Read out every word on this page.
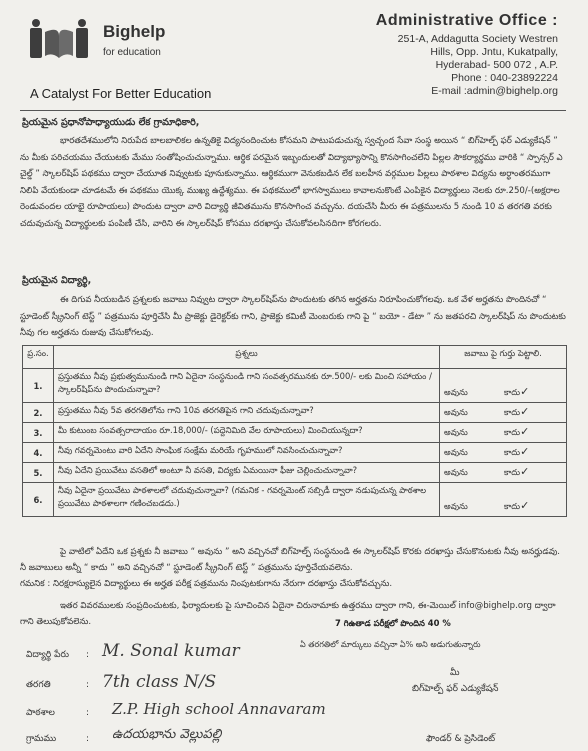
Bighelp
for education
A Catalyst For Better Education
Administrative Office :
251-A, Addagutta Society Westren
Hills, Opp. Jntu, Kukatpally,
Hyderabad- 500 072 , A.P.
Phone : 040-23892224
E-mail :admin@bighelp.org
ప్రియమైన ప్రధానోపాధ్యాయుడు లేక గ్రామాధికారి,
భారతదేశములోని నిరుపేద బాలబాలికల ఉన్నతికై విద్యనందించుట కోసమని పాటుపడుచున్న స్వచ్ఛంద సేవా సంస్థ అయిన “ బిగ్‌హెల్ప్ ఫర్ ఎడ్యుకేషన్ ” ను మీకు పరిచయము చేయుటకు మేము సంతోషించుచున్నాము. ఆర్థిక పరమైన ఇబ్బందులతో విద్యాభ్యాసాన్ని కొనసాగించలేని పిల్లల సౌకర్యార్థము వారికి “ స్పాన్సర్ ఎ చైల్డ్ ” స్కాలర్‌షిప్ పథకము ద్వారా చేయూత నివ్వుటకు పూనుకున్నాము. ఆర్థికముగా వెనుకబడిన లేక బలహీన వర్గముల పిల్లలు పాఠశాల విద్యను అర్ధాంతరముగా నిలిపి వేయకుండా చూడటమే ఈ పథకము యొక్క ముఖ్య ఉద్దేశ్యము. ఈ పథకములో భాగస్వాములు కావాలనుకొంటే ఎంపికైన విద్యార్థులు నెలకు రూ.250/-(అక్షరాల రెండువందల యాభై రూపాయలు) పొందుట ద్వారా వారి విద్యార్థి జీవితమును కొనసాగించ వచ్చును. దయచేసి మీరు ఈ పత్రములను 5 నుండి 10 వ తరగతి వరకు చదువుచున్న విద్యార్థులకు పంపిణీ చేసి, వారిని ఈ స్కాలర్‌షిప్ కోసము దరఖాస్తు చేసుకోవలసినదిగా కోరగలరు.
ప్రియమైన విద్యార్థి,
ఈ దిగువ నీయబడిన ప్రశ్నలకు జవాబు నివ్వుట ద్వారా స్కాలర్‌షిప్‌ను పొందుటకు తగిన అర్హతను నిరూపించుకోగలవు. ఒక వేళ అర్హతను పొందినచో “ స్టూడెంట్ స్క్రీనింగ్ టెస్ట్ ” పత్రమును పూర్తిచేసి మీ ప్రాజెక్టు డైరెక్టర్‌కు గాని, ప్రాజెక్టు కమిటీ మెంబరుకు గాని పై “ బయో - డేటా ” ను జతపరచి స్కాలర్‌షిప్ ను పొందుటకు నీవు గల అర్హతను రుజువు చేసుకోగలవు.
ప్ర.సం.	ప్రశ్నలు	జవాబు పై గుర్తు పెట్టాలి.
1.	ప్రస్తుతము నీవు ప్రభుత్వమునుండి గాని ఏదైనా సంస్థనుండి గాని సంవత్సరమునకు రూ.500/- లకు మించి సహాయం / స్కాలర్‌షిప్‌ను పొందుచున్నావా?	అవును కాదు✓
2.	ప్రస్తుతము నీవు 5వ తరగతిలోను గాని 10వ తరగతిపైన గాని చదువుచున్నావా?	అవును కాదు✓
3.	మీ కుటుంబ సంవత్సరాదాయం రూ.18,000/- (పద్దెనిమిది వేల రూపాయలు) మించియున్నదా?	అవును కాదు✓
4.	నీవు గవర్నమెంటు వారి ఏదేని సాంఘిక సంక్షేమ మరియే గృహములో నివసించుచున్నావా?	అవును కాదు✓
5.	నీవు ఏదేని ప్రయివేటు వసతిలో అంటూ నీ వసతి, విద్యకు ఏమయినా ఫీజు చెల్లించుచున్నావా?	అవును కాదు✓
6.	నీవు ఏదైనా ప్రయివేటు పాఠశాలలో చదువుచున్నావా? (గమనిక - గవర్నమెంట్ సబ్సిడీ ద్వారా నడుపుచున్న పాఠశాల ప్రయివేటు పాఠశాలగా గణించబడదు.)	అవును కాదు✓
పై వాటిలో ఏదేని ఒక ప్రశ్నకు నీ జవాబు “ అవును ” అని వచ్చినచో బిగ్‌హెల్ప్ సంస్థనుండి ఈ స్కాలర్‌షిప్ కొరకు దరఖాస్తు చేసుకొనుటకు నీవు అనర్హుడవు. నీ జవాబులు అన్నీ “ కాదు ” అని వచ్చినచో “ స్టూడెంట్ స్క్రీనింగ్ టెస్ట్ ” పత్రమును పూర్తిచేయవలెను.
గమనిక : నిరక్షరాస్యులైన విద్యార్థులు ఈ అర్హత పరీక్ష పత్రమును నింపుటకుగాను నేరుగా దరఖాస్తు చేసుకోవచ్చును.
ఇతర వివరములకు సంప్రదించుటకు, ఫిర్యాదులకు పై సూచించిన ఏదైనా చిరునామాకు ఉత్తరము ద్వారా గాని, ఈ-మెయిల్ info@bighelp.org ద్వారా గాని తెలుపుకోవలెను.	7 గిఉతాడ పరీక్షలో పొందిన 40 %
విద్యార్థి పేరు : M. Sonal kumar	ఏ తరగతిలో మార్కులు వచ్చినా ఏ% అని అడుగుతున్నారు
తరగతి	: 7th class N/S
పాఠశాల	:	Z.P. High school Annavaram
గ్రామము	:	ఉదయభాను వెల్లుపల్లి
మీ
బిగ్‌హెల్ప్ ఫర్ ఎడ్యుకేషన్
ఫౌండర్ & ప్రెసిడెంట్
